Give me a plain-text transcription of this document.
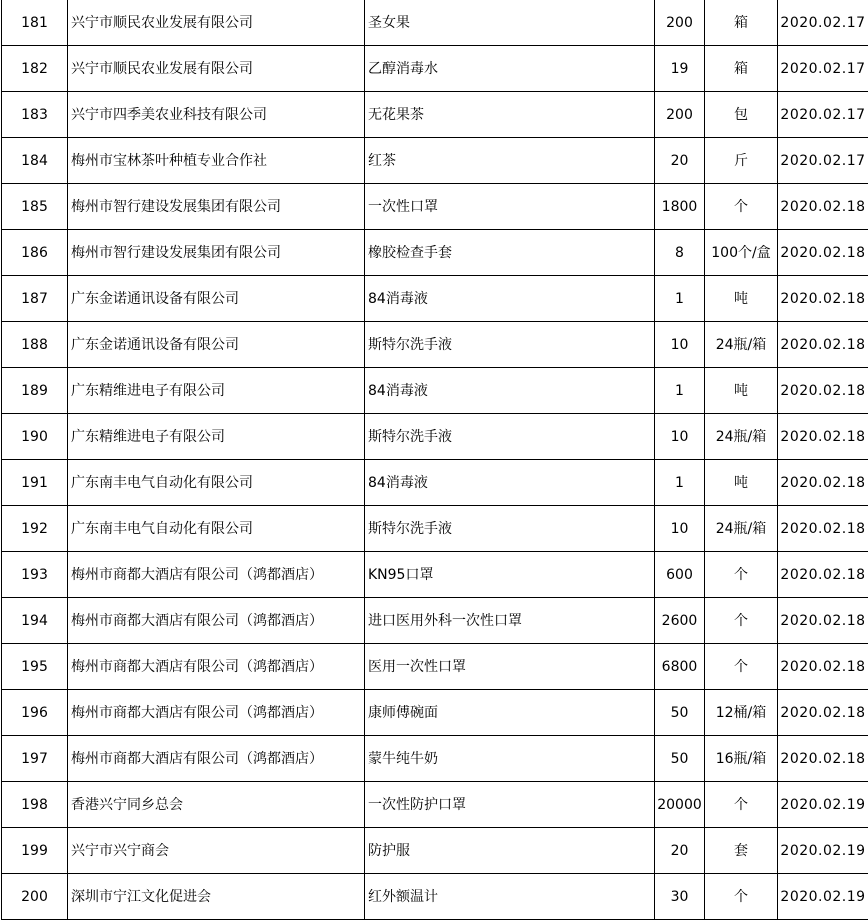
181	兴宁市顺民农业发展有限公司	圣女果	200	箱	2020.02.17
182	兴宁市顺民农业发展有限公司	乙醇消毒水	19	箱	2020.02.17
183	兴宁市四季美农业科技有限公司	无花果茶	200	包	2020.02.17
184	梅州市宝林茶叶种植专业合作社	红茶	20	斤	2020.02.17
185	梅州市智行建设发展集团有限公司	一次性口罩	1800	个	2020.02.18
186	梅州市智行建设发展集团有限公司	橡胶检查手套	8	100个/盒	2020.02.18
187	广东金诺通讯设备有限公司	84消毒液	1	吨	2020.02.18
188	广东金诺通讯设备有限公司	斯特尔洗手液	10	24瓶/箱	2020.02.18
189	广东精维进电子有限公司	84消毒液	1	吨	2020.02.18
190	广东精维进电子有限公司	斯特尔洗手液	10	24瓶/箱	2020.02.18
191	广东南丰电气自动化有限公司	84消毒液	1	吨	2020.02.18
192	广东南丰电气自动化有限公司	斯特尔洗手液	10	24瓶/箱	2020.02.18
193	梅州市商都大酒店有限公司（鸿都酒店）	KN95口罩	600	个	2020.02.18
194	梅州市商都大酒店有限公司（鸿都酒店）	进口医用外科一次性口罩	2600	个	2020.02.18
195	梅州市商都大酒店有限公司（鸿都酒店）	医用一次性口罩	6800	个	2020.02.18
196	梅州市商都大酒店有限公司（鸿都酒店）	康师傅碗面	50	12桶/箱	2020.02.18
197	梅州市商都大酒店有限公司（鸿都酒店）	蒙牛纯牛奶	50	16瓶/箱	2020.02.18
198	香港兴宁同乡总会	一次性防护口罩	20000	个	2020.02.19
199	兴宁市兴宁商会	防护服	20	套	2020.02.19
200	深圳市宁江文化促进会	红外额温计	30	个	2020.02.19
